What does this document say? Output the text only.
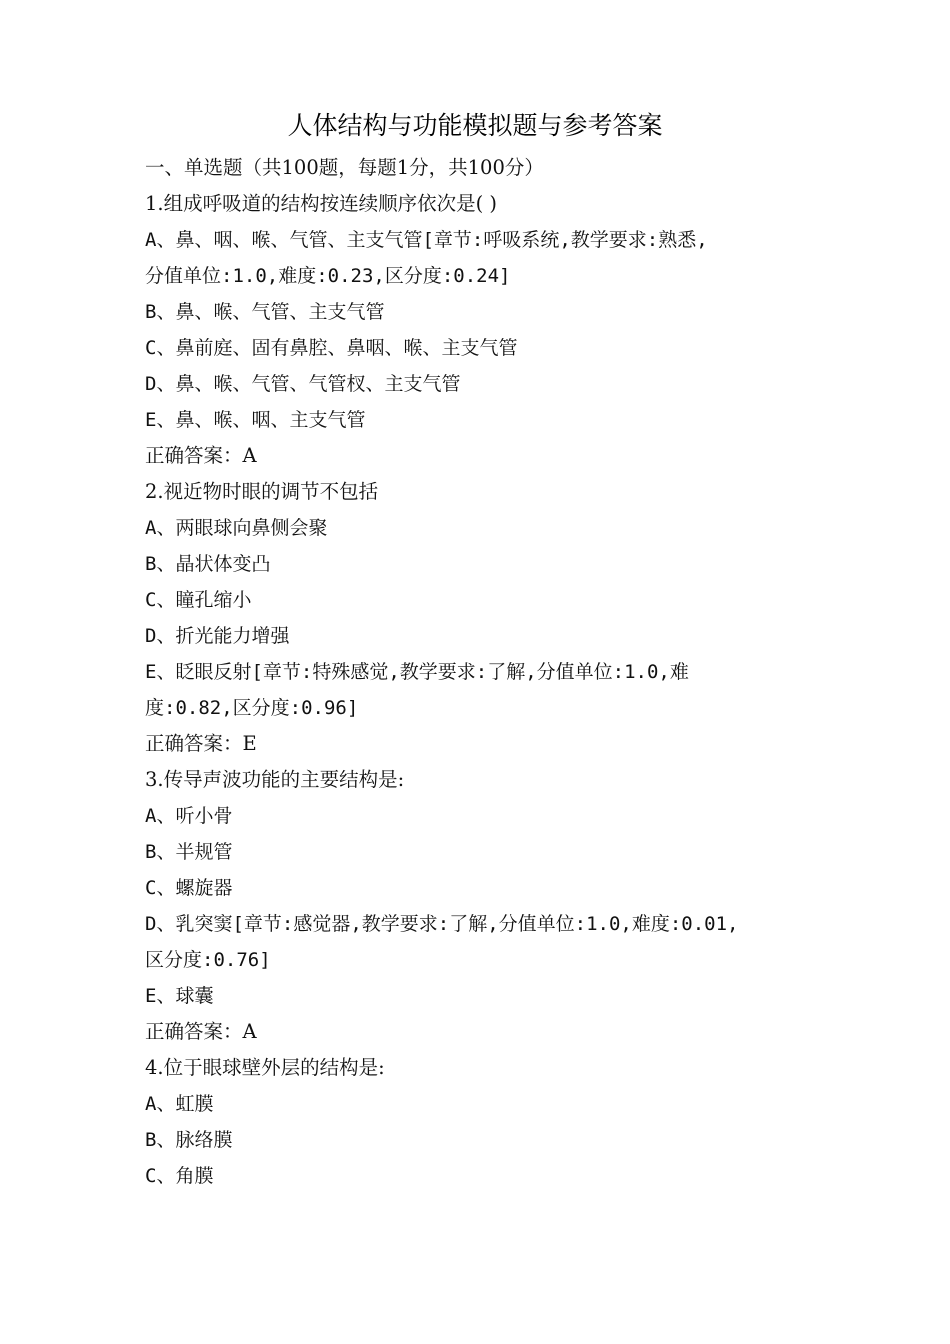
人体结构与功能模拟题与参考答案
一、单选题（共100题，每题1分，共100分）
1.组成呼吸道的结构按连续顺序依次是( )
A、鼻、咽、喉、气管、主支气管[章节:呼吸系统,教学要求:熟悉,
分值单位:1.0,难度:0.23,区分度:0.24]
B、鼻、喉、气管、主支气管
C、鼻前庭、固有鼻腔、鼻咽、喉、主支气管
D、鼻、喉、气管、气管杈、主支气管
E、鼻、喉、咽、主支气管
正确答案：A
2.视近物时眼的调节不包括
A、两眼球向鼻侧会聚
B、晶状体变凸
C、瞳孔缩小
D、折光能力增强
E、眨眼反射[章节:特殊感觉,教学要求:了解,分值单位:1.0,难
度:0.82,区分度:0.96]
正确答案：E
3.传导声波功能的主要结构是:
A、听小骨
B、半规管
C、螺旋器
D、乳突窦[章节:感觉器,教学要求:了解,分值单位:1.0,难度:0.01,
区分度:0.76]
E、球囊
正确答案：A
4.位于眼球壁外层的结构是:
A、虹膜
B、脉络膜
C、角膜
